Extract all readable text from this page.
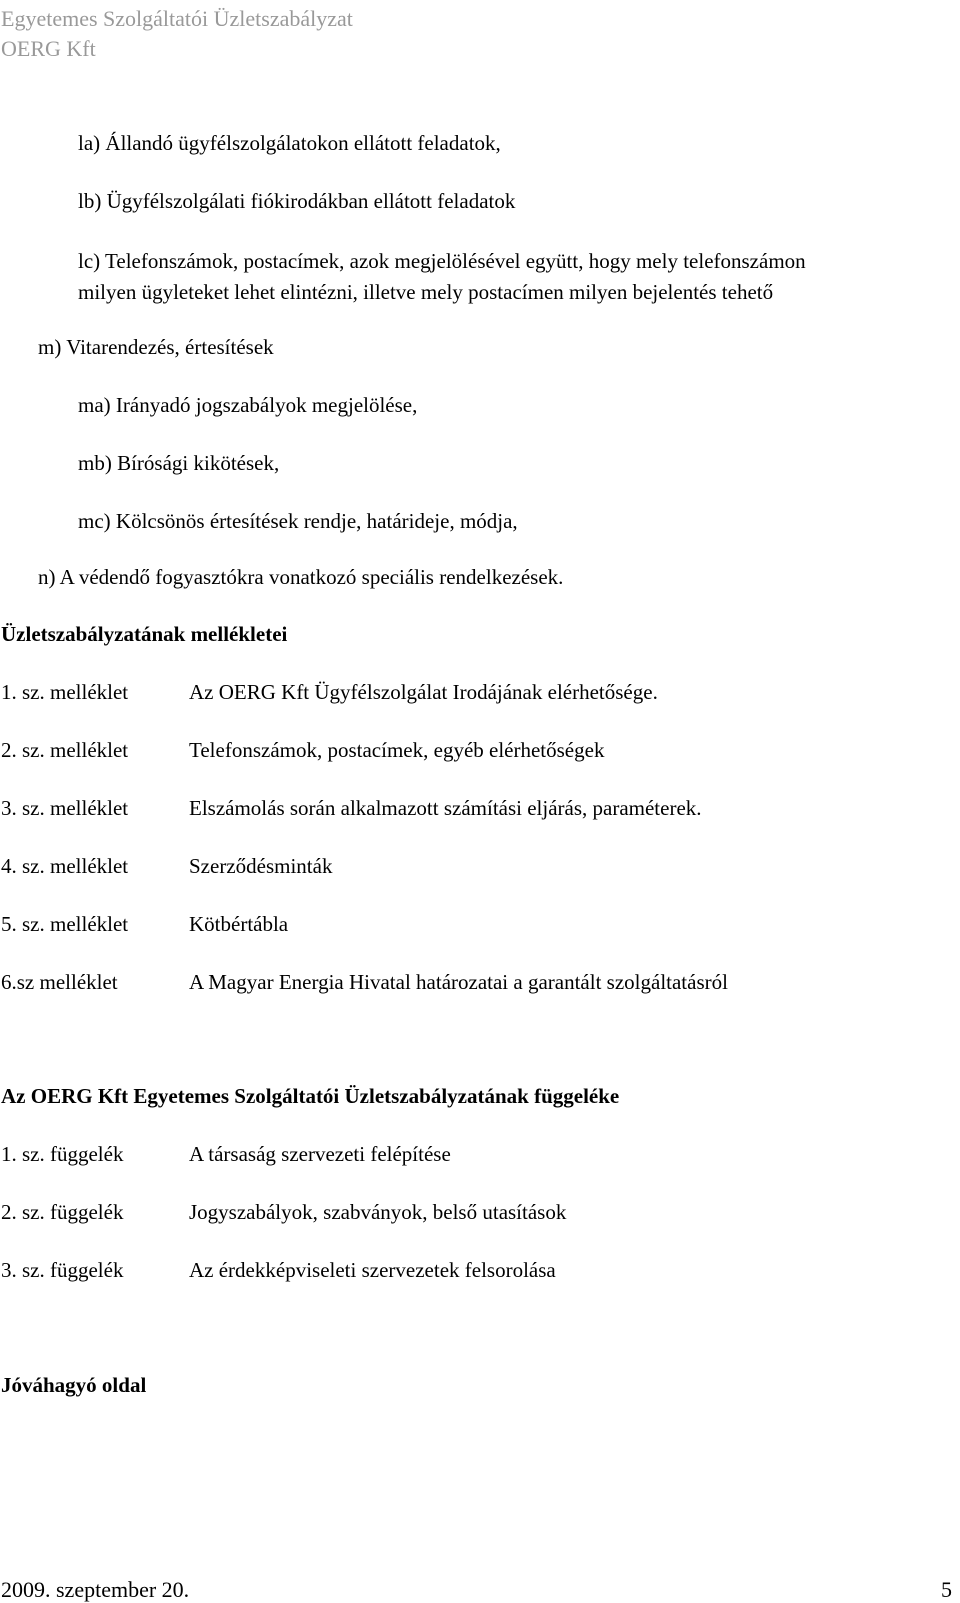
Egyetemes Szolgáltatói Üzletszabályzat
OERG Kft
la) Állandó ügyfélszolgálatokon ellátott feladatok,
lb) Ügyfélszolgálati fiókirodákban ellátott feladatok
lc) Telefonszámok, postacímek, azok megjelölésével együtt, hogy mely telefonszámon
milyen ügyleteket lehet elintézni, illetve mely postacímen milyen bejelentés tehető
m) Vitarendezés, értesítések
ma) Irányadó jogszabályok megjelölése,
mb) Bírósági kikötések,
mc) Kölcsönös értesítések rendje, határideje, módja,
n) A védendő fogyasztókra vonatkozó speciális rendelkezések.
Üzletszabályzatának mellékletei
1. sz. melléklet	Az OERG Kft Ügyfélszolgálat Irodájának elérhetősége.
2. sz. melléklet	Telefonszámok, postacímek, egyéb elérhetőségek
3. sz. melléklet	Elszámolás során alkalmazott számítási eljárás, paraméterek.
4. sz. melléklet	Szerződésminták
5. sz. melléklet	Kötbértábla
6.sz melléklet	A Magyar Energia Hivatal határozatai a garantált szolgáltatásról
Az OERG Kft Egyetemes Szolgáltatói Üzletszabályzatának függeléke
1. sz. függelék	A társaság szervezeti felépítése
2. sz. függelék	Jogyszabályok, szabványok, belső utasítások
3. sz. függelék	Az érdekképviseleti szervezetek felsorolása
Jóváhagyó oldal
2009. szeptember 20.	5
